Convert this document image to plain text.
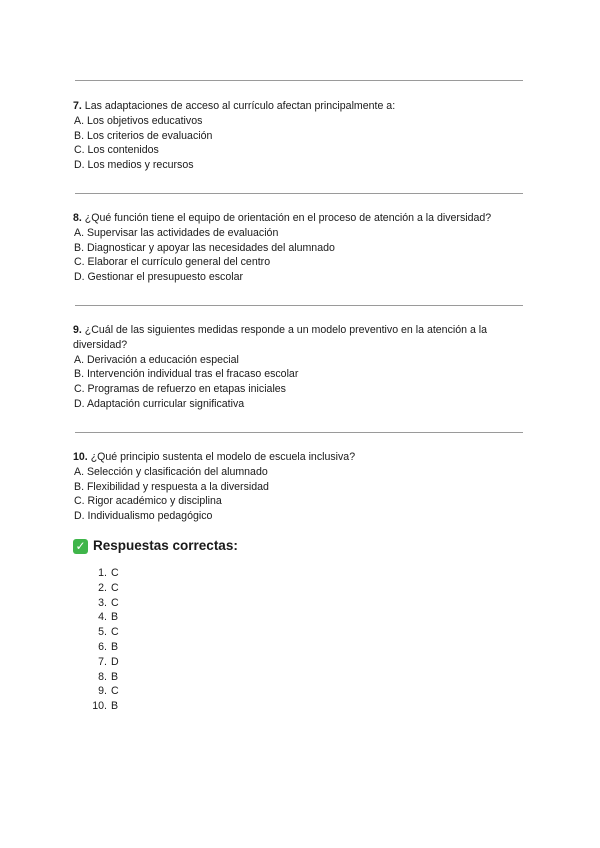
7. Las adaptaciones de acceso al currículo afectan principalmente a:

A. Los objetivos educativos

B. Los criterios de evaluación

C. Los contenidos

D. Los medios y recursos

8. ¿Qué función tiene el equipo de orientación en el proceso de atención a la diversidad?

A. Supervisar las actividades de evaluación

B. Diagnosticar y apoyar las necesidades del alumnado

C. Elaborar el currículo general del centro

D. Gestionar el presupuesto escolar

9. ¿Cuál de las siguientes medidas responde a un modelo preventivo en la atención a la diversidad?

A. Derivación a educación especial

B. Intervención individual tras el fracaso escolar

C. Programas de refuerzo en etapas iniciales

D. Adaptación curricular significativa

10. ¿Qué principio sustenta el modelo de escuela inclusiva?

A. Selección y clasificación del alumnado

B. Flexibilidad y respuesta a la diversidad

C. Rigor académico y disciplina

D. Individualismo pedagógico

✓ Respuestas correctas:
1. C
2. C
3. C
4. B
5. C
6. B
7. D
8. B
9. C
10. B
